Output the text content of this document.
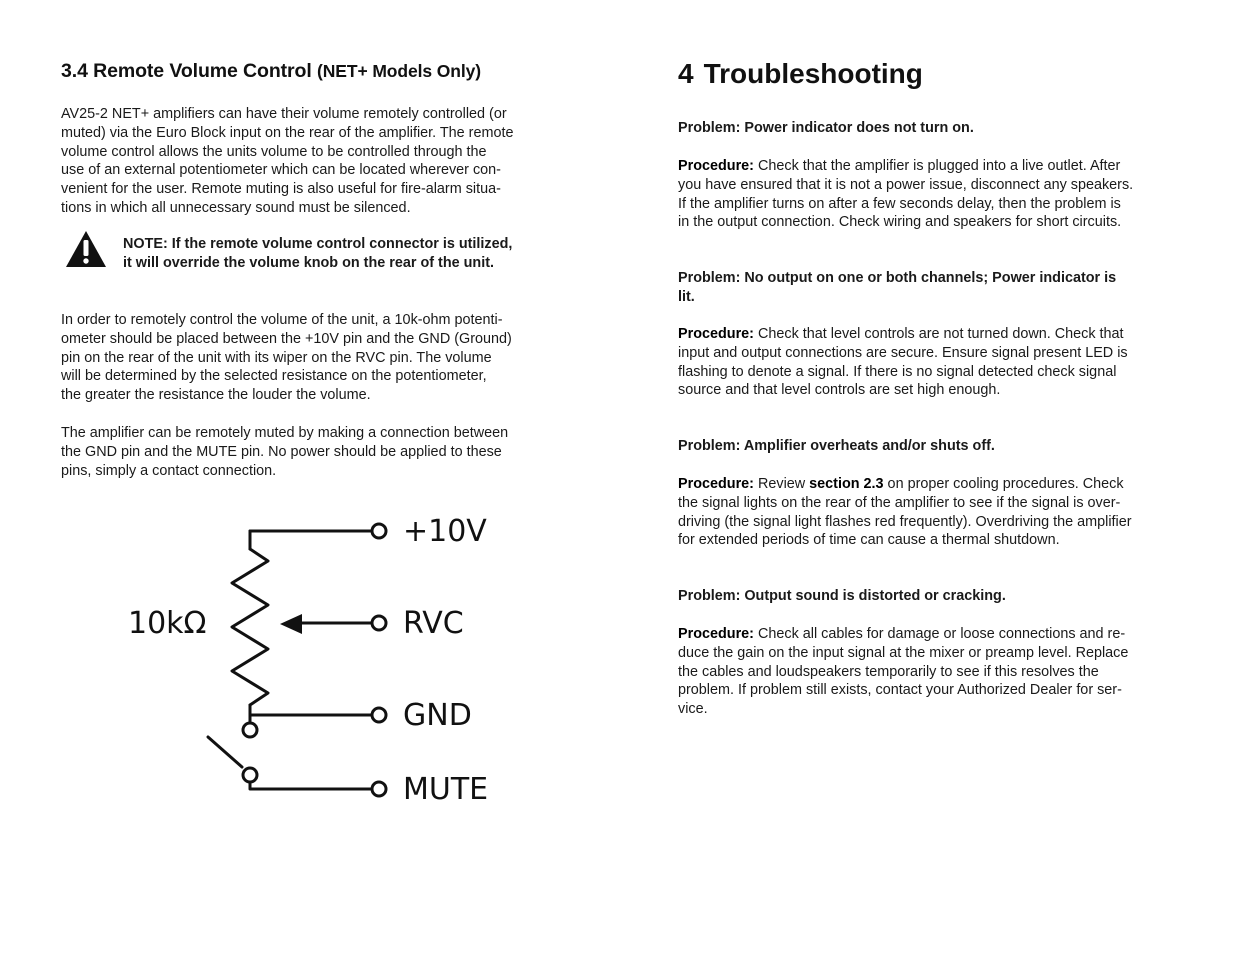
3.4 Remote Volume Control (NET+ Models Only)

AV25-2 NET+ amplifiers can have their volume remotely controlled (or
muted) via the Euro Block input on the rear of the amplifier. The remote
volume control allows the units volume to be controlled through the
use of an external potentiometer which can be located wherever con-
venient for the user. Remote muting is also useful for fire-alarm situa-
tions in which all unnecessary sound must be silenced.

NOTE: If the remote volume control connector is utilized,
it will override the volume knob on the rear of the unit.

In order to remotely control the volume of the unit, a 10k-ohm potenti-
ometer should be placed between the +10V pin and the GND (Ground)
pin on the rear of the unit with its wiper on the RVC pin. The volume
will be determined by the selected resistance on the potentiometer,
the greater the resistance the louder the volume.

The amplifier can be remotely muted by making a connection between
the GND pin and the MUTE pin. No power should be applied to these
pins, simply a contact connection.

+10V
RVC
GND
MUTE
10kΩ
4 Troubleshooting

Problem: Power indicator does not turn on.

Procedure: Check that the amplifier is plugged into a live outlet. After
you have ensured that it is not a power issue, disconnect any speakers.
If the amplifier turns on after a few seconds delay, then the problem is
in the output connection. Check wiring and speakers for short circuits.

Problem: No output on one or both channels; Power indicator is
lit.

Procedure: Check that level controls are not turned down. Check that
input and output connections are secure. Ensure signal present LED is
flashing to denote a signal. If there is no signal detected check signal
source and that level controls are set high enough.

Problem: Amplifier overheats and/or shuts off.

Procedure: Review section 2.3 on proper cooling procedures. Check
the signal lights on the rear of the amplifier to see if the signal is over-
driving (the signal light flashes red frequently). Overdriving the amplifier
for extended periods of time can cause a thermal shutdown.

Problem: Output sound is distorted or cracking.

Procedure: Check all cables for damage or loose connections and re-
duce the gain on the input signal at the mixer or preamp level. Replace
the cables and loudspeakers temporarily to see if this resolves the
problem. If problem still exists, contact your Authorized Dealer for ser-
vice.
